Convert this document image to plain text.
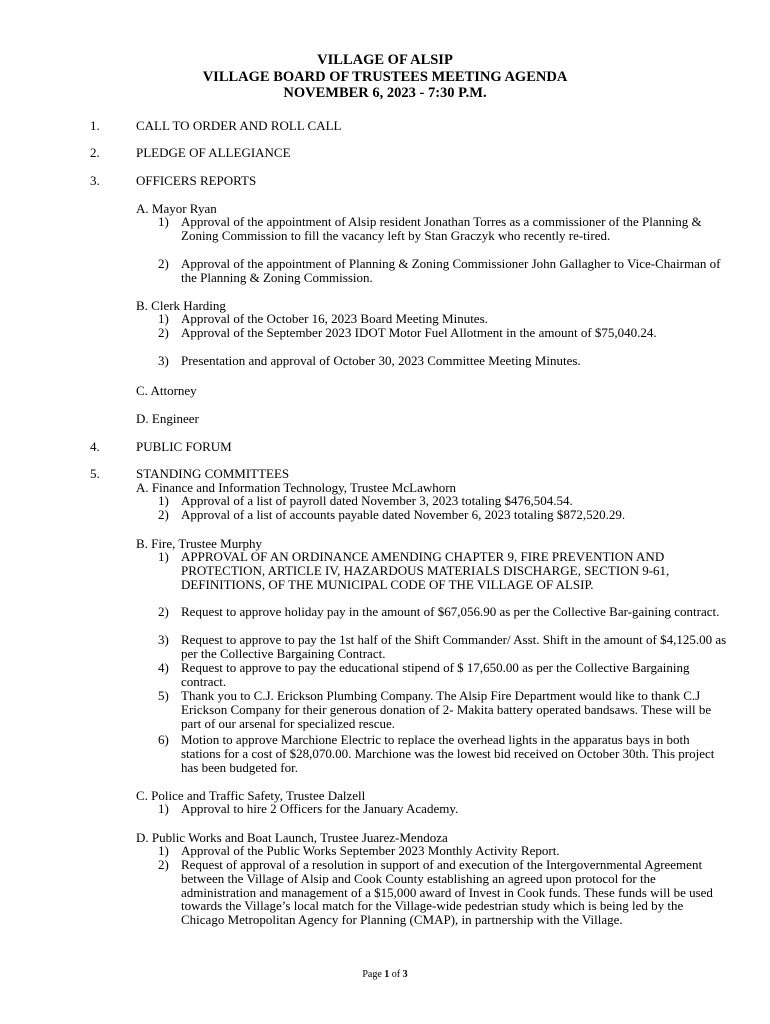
VILLAGE OF ALSIP
VILLAGE BOARD OF TRUSTEES MEETING AGENDA
NOVEMBER 6, 2023 - 7:30 P.M.
1.	CALL TO ORDER AND ROLL CALL
2.	PLEDGE OF ALLEGIANCE
3.	OFFICERS REPORTS
A. Mayor Ryan
1) Approval of the appointment of Alsip resident Jonathan Torres as a commissioner of the Planning & Zoning Commission to fill the vacancy left by Stan Graczyk who recently re-tired.
2) Approval of the appointment of Planning & Zoning Commissioner John Gallagher to Vice-Chairman of the Planning & Zoning Commission.
B. Clerk Harding
1) Approval of the October 16, 2023 Board Meeting Minutes.
2) Approval of the September 2023 IDOT Motor Fuel Allotment in the amount of $75,040.24.
3) Presentation and approval of October 30, 2023 Committee Meeting Minutes.
C. Attorney
D. Engineer
4.	PUBLIC FORUM
5.	STANDING COMMITTEES
A. Finance and Information Technology, Trustee McLawhorn
1) Approval of a list of payroll dated November 3, 2023 totaling $476,504.54.
2) Approval of a list of accounts payable dated November 6, 2023 totaling $872,520.29.
B. Fire, Trustee Murphy
1) APPROVAL OF AN ORDINANCE AMENDING CHAPTER 9, FIRE PREVENTION AND PROTECTION, ARTICLE IV, HAZARDOUS MATERIALS DISCHARGE, SECTION 9-61, DEFINITIONS, OF THE MUNICIPAL CODE OF THE VILLAGE OF ALSIP.
2) Request to approve holiday pay in the amount of $67,056.90 as per the Collective Bar-gaining contract.
3) Request to approve to pay the 1st half of the Shift Commander/ Asst. Shift in the amount of $4,125.00 as per the Collective Bargaining Contract.
4) Request to approve to pay the educational stipend of $ 17,650.00 as per the Collective Bargaining contract.
5) Thank you to C.J. Erickson Plumbing Company. The Alsip Fire Department would like to thank C.J Erickson Company for their generous donation of 2- Makita battery operated bandsaws. These will be part of our arsenal for specialized rescue.
6) Motion to approve Marchione Electric to replace the overhead lights in the apparatus bays in both stations for a cost of $28,070.00. Marchione was the lowest bid received on October 30th. This project has been budgeted for.
C. Police and Traffic Safety, Trustee Dalzell
1) Approval to hire 2 Officers for the January Academy.
D. Public Works and Boat Launch, Trustee Juarez-Mendoza
1) Approval of the Public Works September 2023 Monthly Activity Report.
2) Request of approval of a resolution in support of and execution of the Intergovernmental Agreement between the Village of Alsip and Cook County establishing an agreed upon protocol for the administration and management of a $15,000 award of Invest in Cook funds. These funds will be used towards the Village’s local match for the Village-wide pedestrian study which is being led by the Chicago Metropolitan Agency for Planning (CMAP), in partnership with the Village.
Page 1 of 3
